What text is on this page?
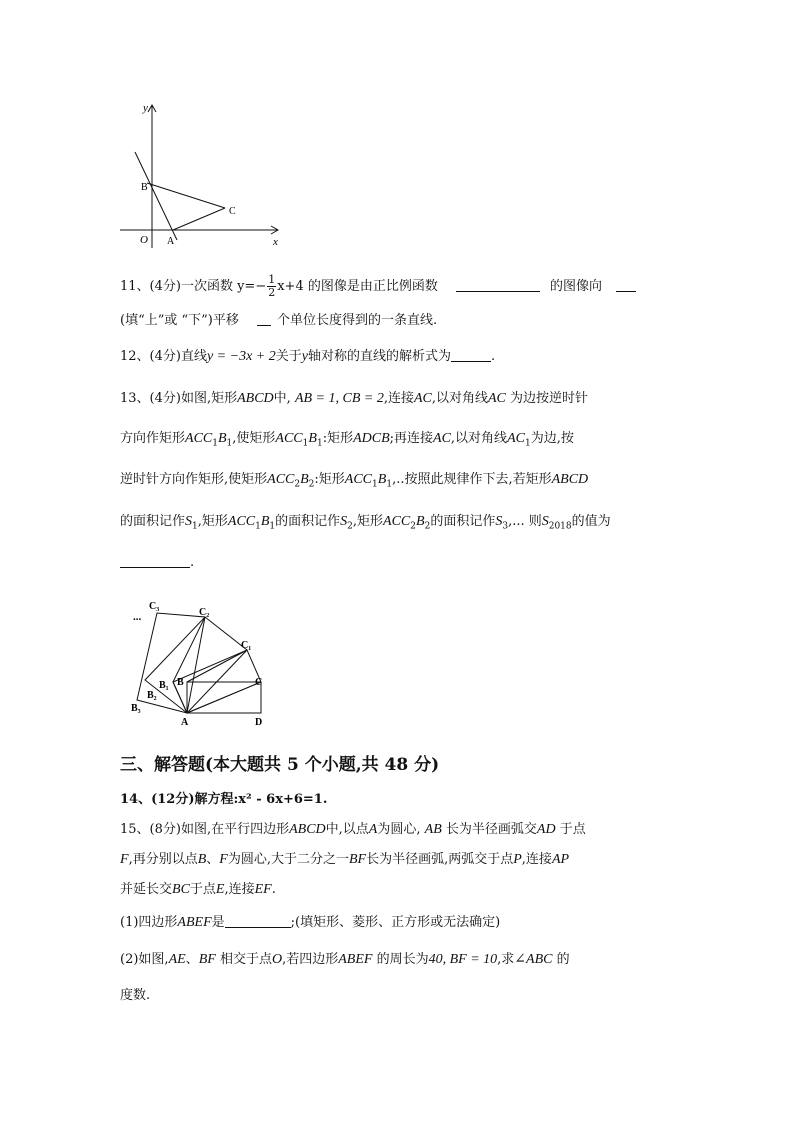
y
x
O A
B
C
11、(4分)一次函数 $y=- \frac{1}{2} x+4$ 的图像是由正比例函数	的图像向
(填“上”或 “下”)平移	个单位长度得到的一条直线.
12、(4分)直线y = −3x + 2关于y轴对称的直线的解析式为	.
13、(4分)如图,矩形ABCD中, AB = 1, CB = 2,连接AC,以对角线AC 为边按逆时针
方向作矩形$ACC_1B_1$,使矩形$ACC_1B_1$:矩形ADCB;再连接AC,以对角线$AC_1$为边,按
逆时针方向作矩形,使矩形$ACC_2B_2$:矩形$ACC_1B_1$,..按照此规律作下去,若矩形ABCD
的面积记作$S_1$,矩形$ACC_1B_1$的面积记作$S_2$,矩形$ACC_2B_2$的面积记作$S_3$,... 则$S_{2018}$的值为
.
...
C₃
C₂
C₁
C
B₁ B
B₂
B₃
A	D
三、解答题(本大题共 5 个小题,共 48 分)
14、(12分)解方程:x² - 6x+6=1.
15、(8分)如图,在平行四边形ABCD中,以点A为圆心, AB 长为半径画弧交AD 于点
F,再分别以点B、F为圆心,大于二分之一BF长为半径画弧,两弧交于点P,连接AP
并延长交BC于点E,连接EF.
(1)四边形ABEF是	;(填矩形、菱形、正方形或无法确定)
(2)如图,AE、BF 相交于点O,若四边形ABEF 的周长为40, BF = 10,求∠ABC 的
度数.
